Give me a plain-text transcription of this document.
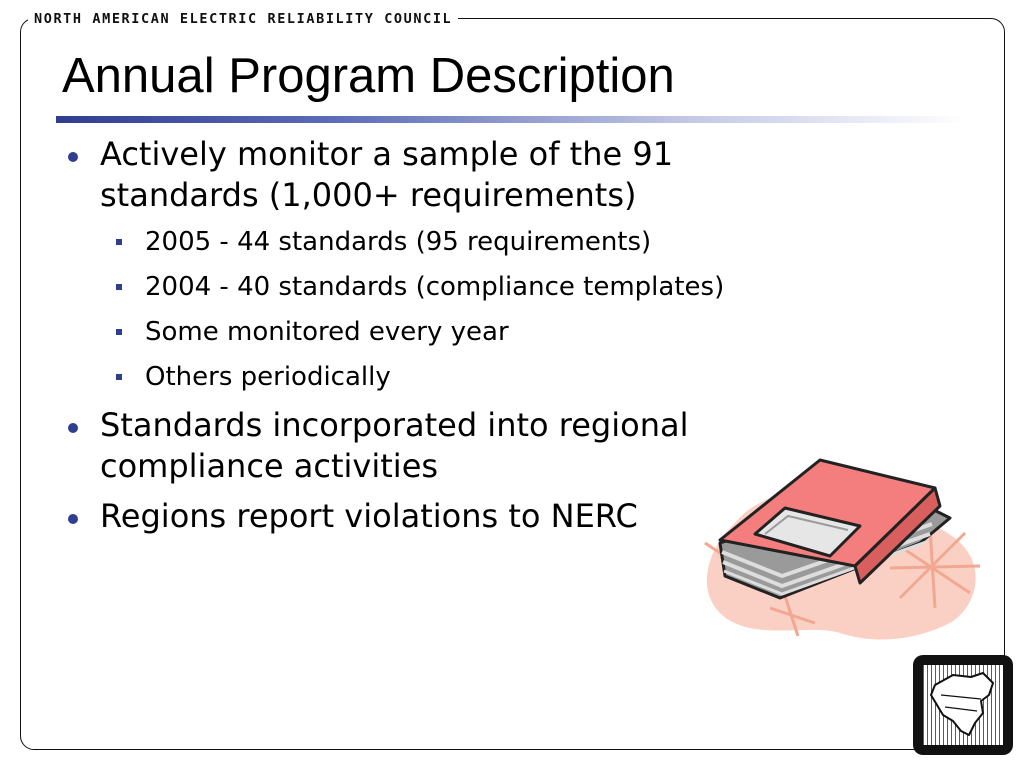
NORTH AMERICAN ELECTRIC RELIABILITY COUNCIL
Annual Program Description
Actively monitor a sample of the 91 standards (1,000+ requirements)
2005 - 44 standards (95 requirements)
2004 - 40 standards (compliance templates)
Some monitored every year
Others periodically
Standards incorporated into regional compliance activities
Regions report violations to NERC
